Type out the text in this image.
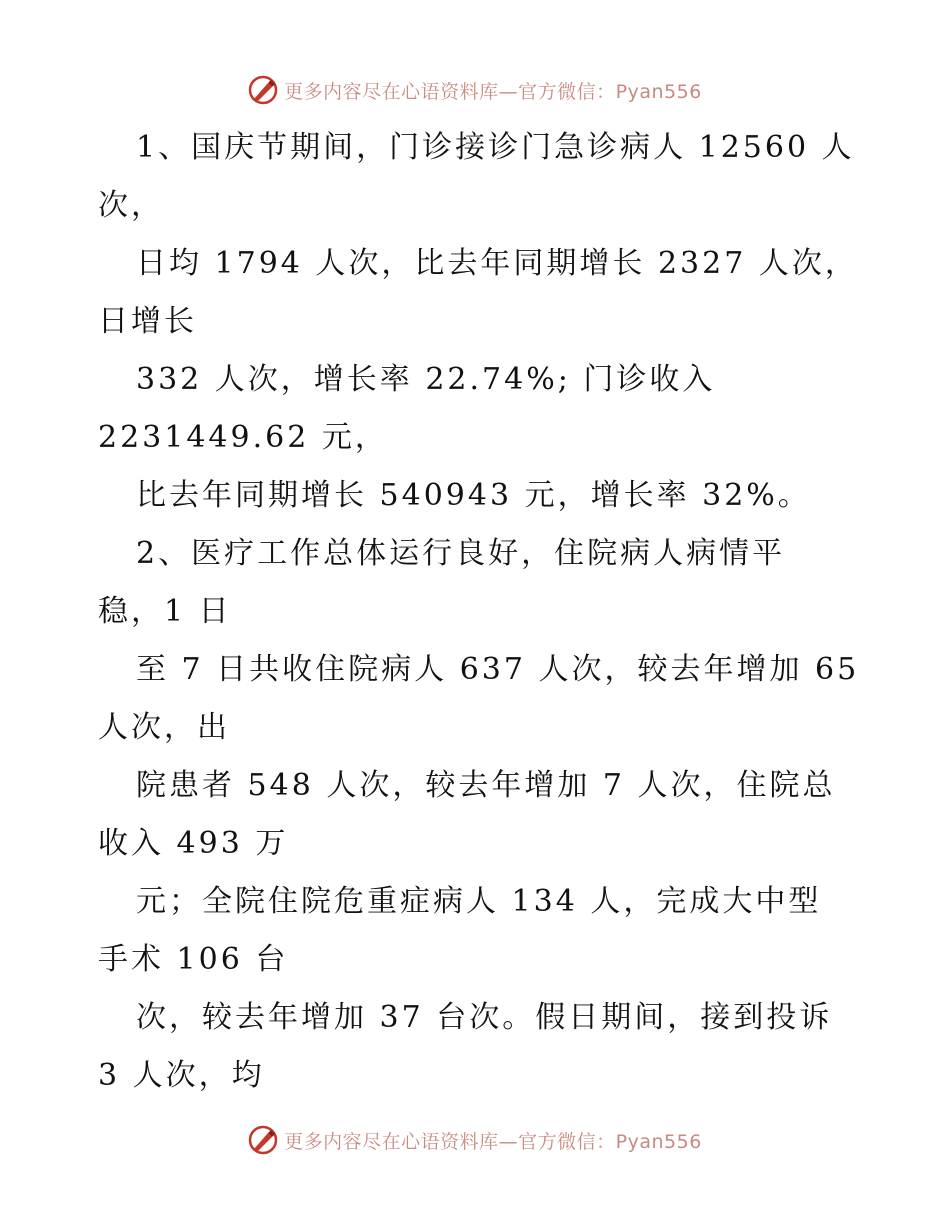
更多内容尽在心语资料库—官方微信：Pyan556
1、国庆节期间，门诊接诊门急诊病人 12560 人
次，
日均 1794 人次，比去年同期增长 2327 人次，
日增长
332 人次，增长率 22.74%; 门诊收入
2231449.62 元，
比去年同期增长 540943 元，增长率 32%。
2、医疗工作总体运行良好，住院病人病情平
稳，1 日
至 7 日共收住院病人 637 人次，较去年增加 65
人次，出
院患者 548 人次，较去年增加 7 人次，住院总
收入 493 万
元；全院住院危重症病人 134 人，完成大中型
手术 106 台
次，较去年增加 37 台次。假日期间，接到投诉
3 人次，均
更多内容尽在心语资料库—官方微信：Pyan556
